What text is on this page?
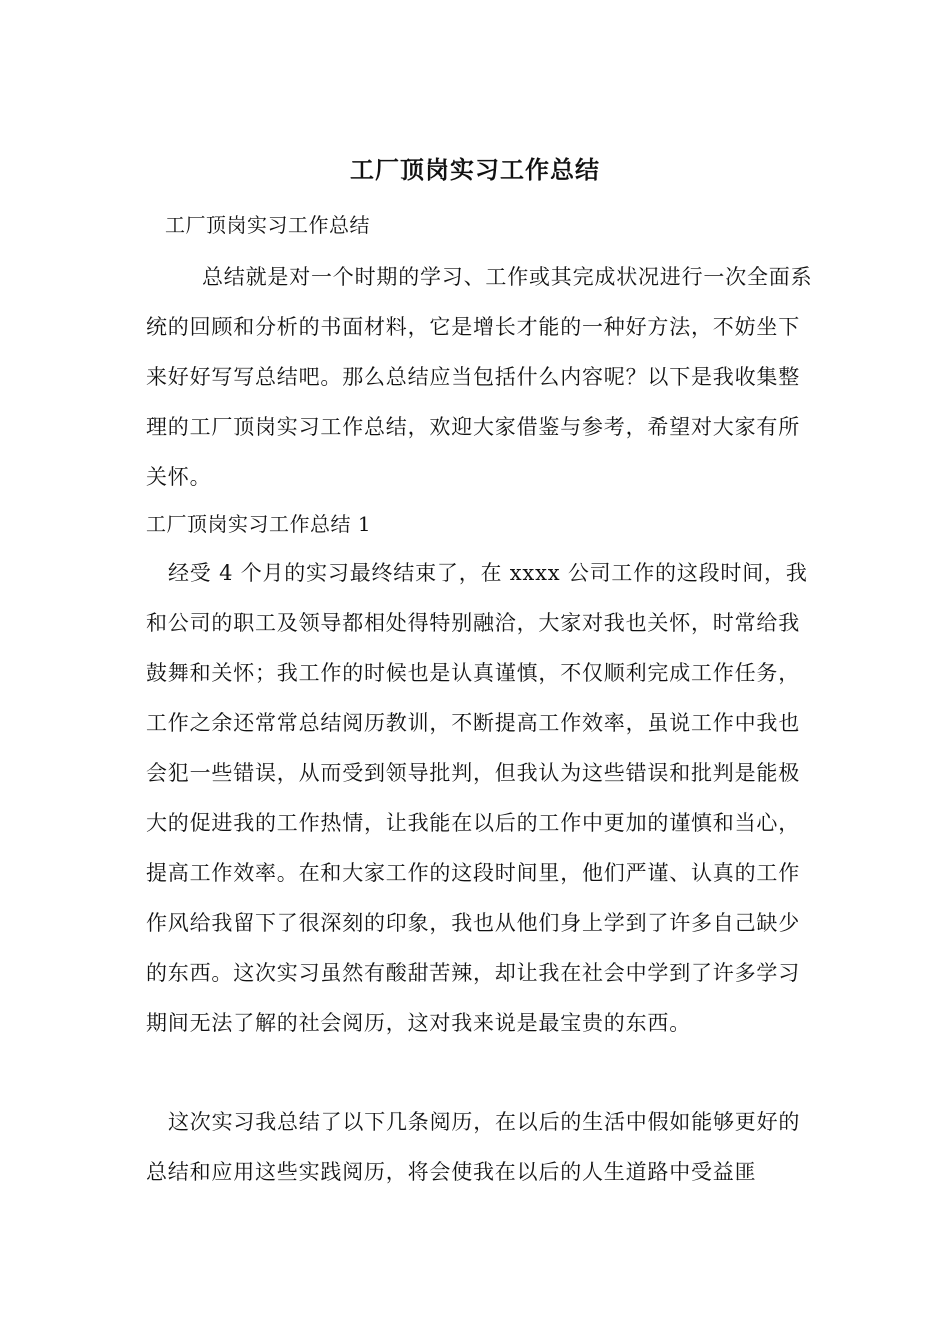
工厂顶岗实习工作总结
工厂顶岗实习工作总结

总结就是对一个时期的学习、工作或其完成状况进行一次全面系统的回顾和分析的书面材料，它是增长才能的一种好方法，不妨坐下来好好写写总结吧。那么总结应当包括什么内容呢？以下是我收集整理的工厂顶岗实习工作总结，欢迎大家借鉴与参考，希望对大家有所关怀。

工厂顶岗实习工作总结 1

经受 4 个月的实习最终结束了，在 xxxx 公司工作的这段时间，我和公司的职工及领导都相处得特别融洽，大家对我也关怀，时常给我鼓舞和关怀；我工作的时候也是认真谨慎，不仅顺利完成工作任务，工作之余还常常总结阅历教训，不断提高工作效率，虽说工作中我也会犯一些错误，从而受到领导批判，但我认为这些错误和批判是能极大的促进我的工作热情，让我能在以后的工作中更加的谨慎和当心，提高工作效率。在和大家工作的这段时间里，他们严谨、认真的工作作风给我留下了很深刻的印象，我也从他们身上学到了许多自己缺少的东西。这次实习虽然有酸甜苦辣，却让我在社会中学到了许多学习期间无法了解的社会阅历，这对我来说是最宝贵的东西。

这次实习我总结了以下几条阅历，在以后的生活中假如能够更好的总结和应用这些实践阅历，将会使我在以后的人生道路中受益匪
